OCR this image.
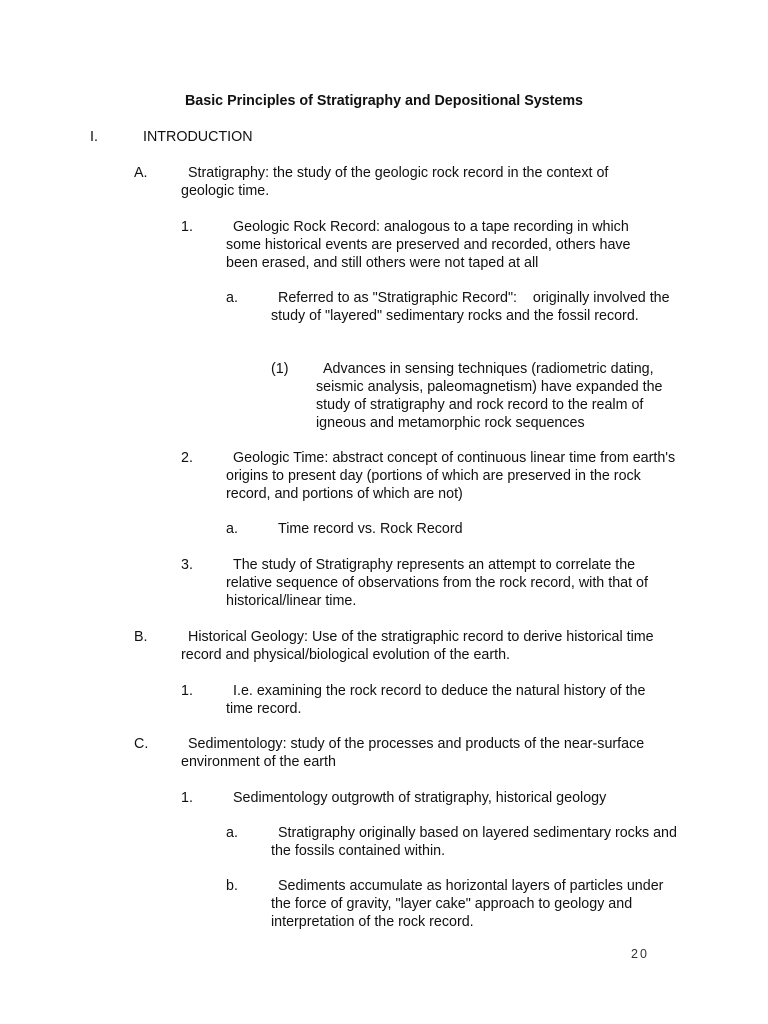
Basic Principles of Stratigraphy and Depositional Systems
I.	INTRODUCTION
A.	Stratigraphy: the study of the geologic rock record in the context of geologic time.
1.	Geologic Rock Record: analogous to a tape recording in which some historical events are preserved and recorded, others have been erased, and still others were not taped at all
a.	Referred to as "Stratigraphic Record":    originally involved the study of "layered" sedimentary rocks and the fossil record.
(1)	Advances in sensing techniques (radiometric dating, seismic analysis, paleomagnetism) have expanded the study of stratigraphy and rock record to the realm of igneous and metamorphic rock sequences
2.	Geologic Time: abstract concept of continuous linear time from earth's origins to present day (portions of which are preserved in the rock record, and portions of which are not)
a.	Time record vs. Rock Record
3.	The study of Stratigraphy represents an attempt to correlate the relative sequence of observations from the rock record, with that of historical/linear time.
B.	Historical Geology: Use of the stratigraphic record to derive historical time record and physical/biological evolution of the earth.
1.	I.e. examining the rock record to deduce the natural history of the time record.
C.	Sedimentology: study of the processes and products of the near-surface environment of the earth
1.	Sedimentology outgrowth of stratigraphy, historical geology
a.	Stratigraphy originally based on layered sedimentary rocks and the fossils contained within.
b.	Sediments accumulate as horizontal layers of particles under the force of gravity, "layer cake" approach to geology and interpretation of the rock record.
20
